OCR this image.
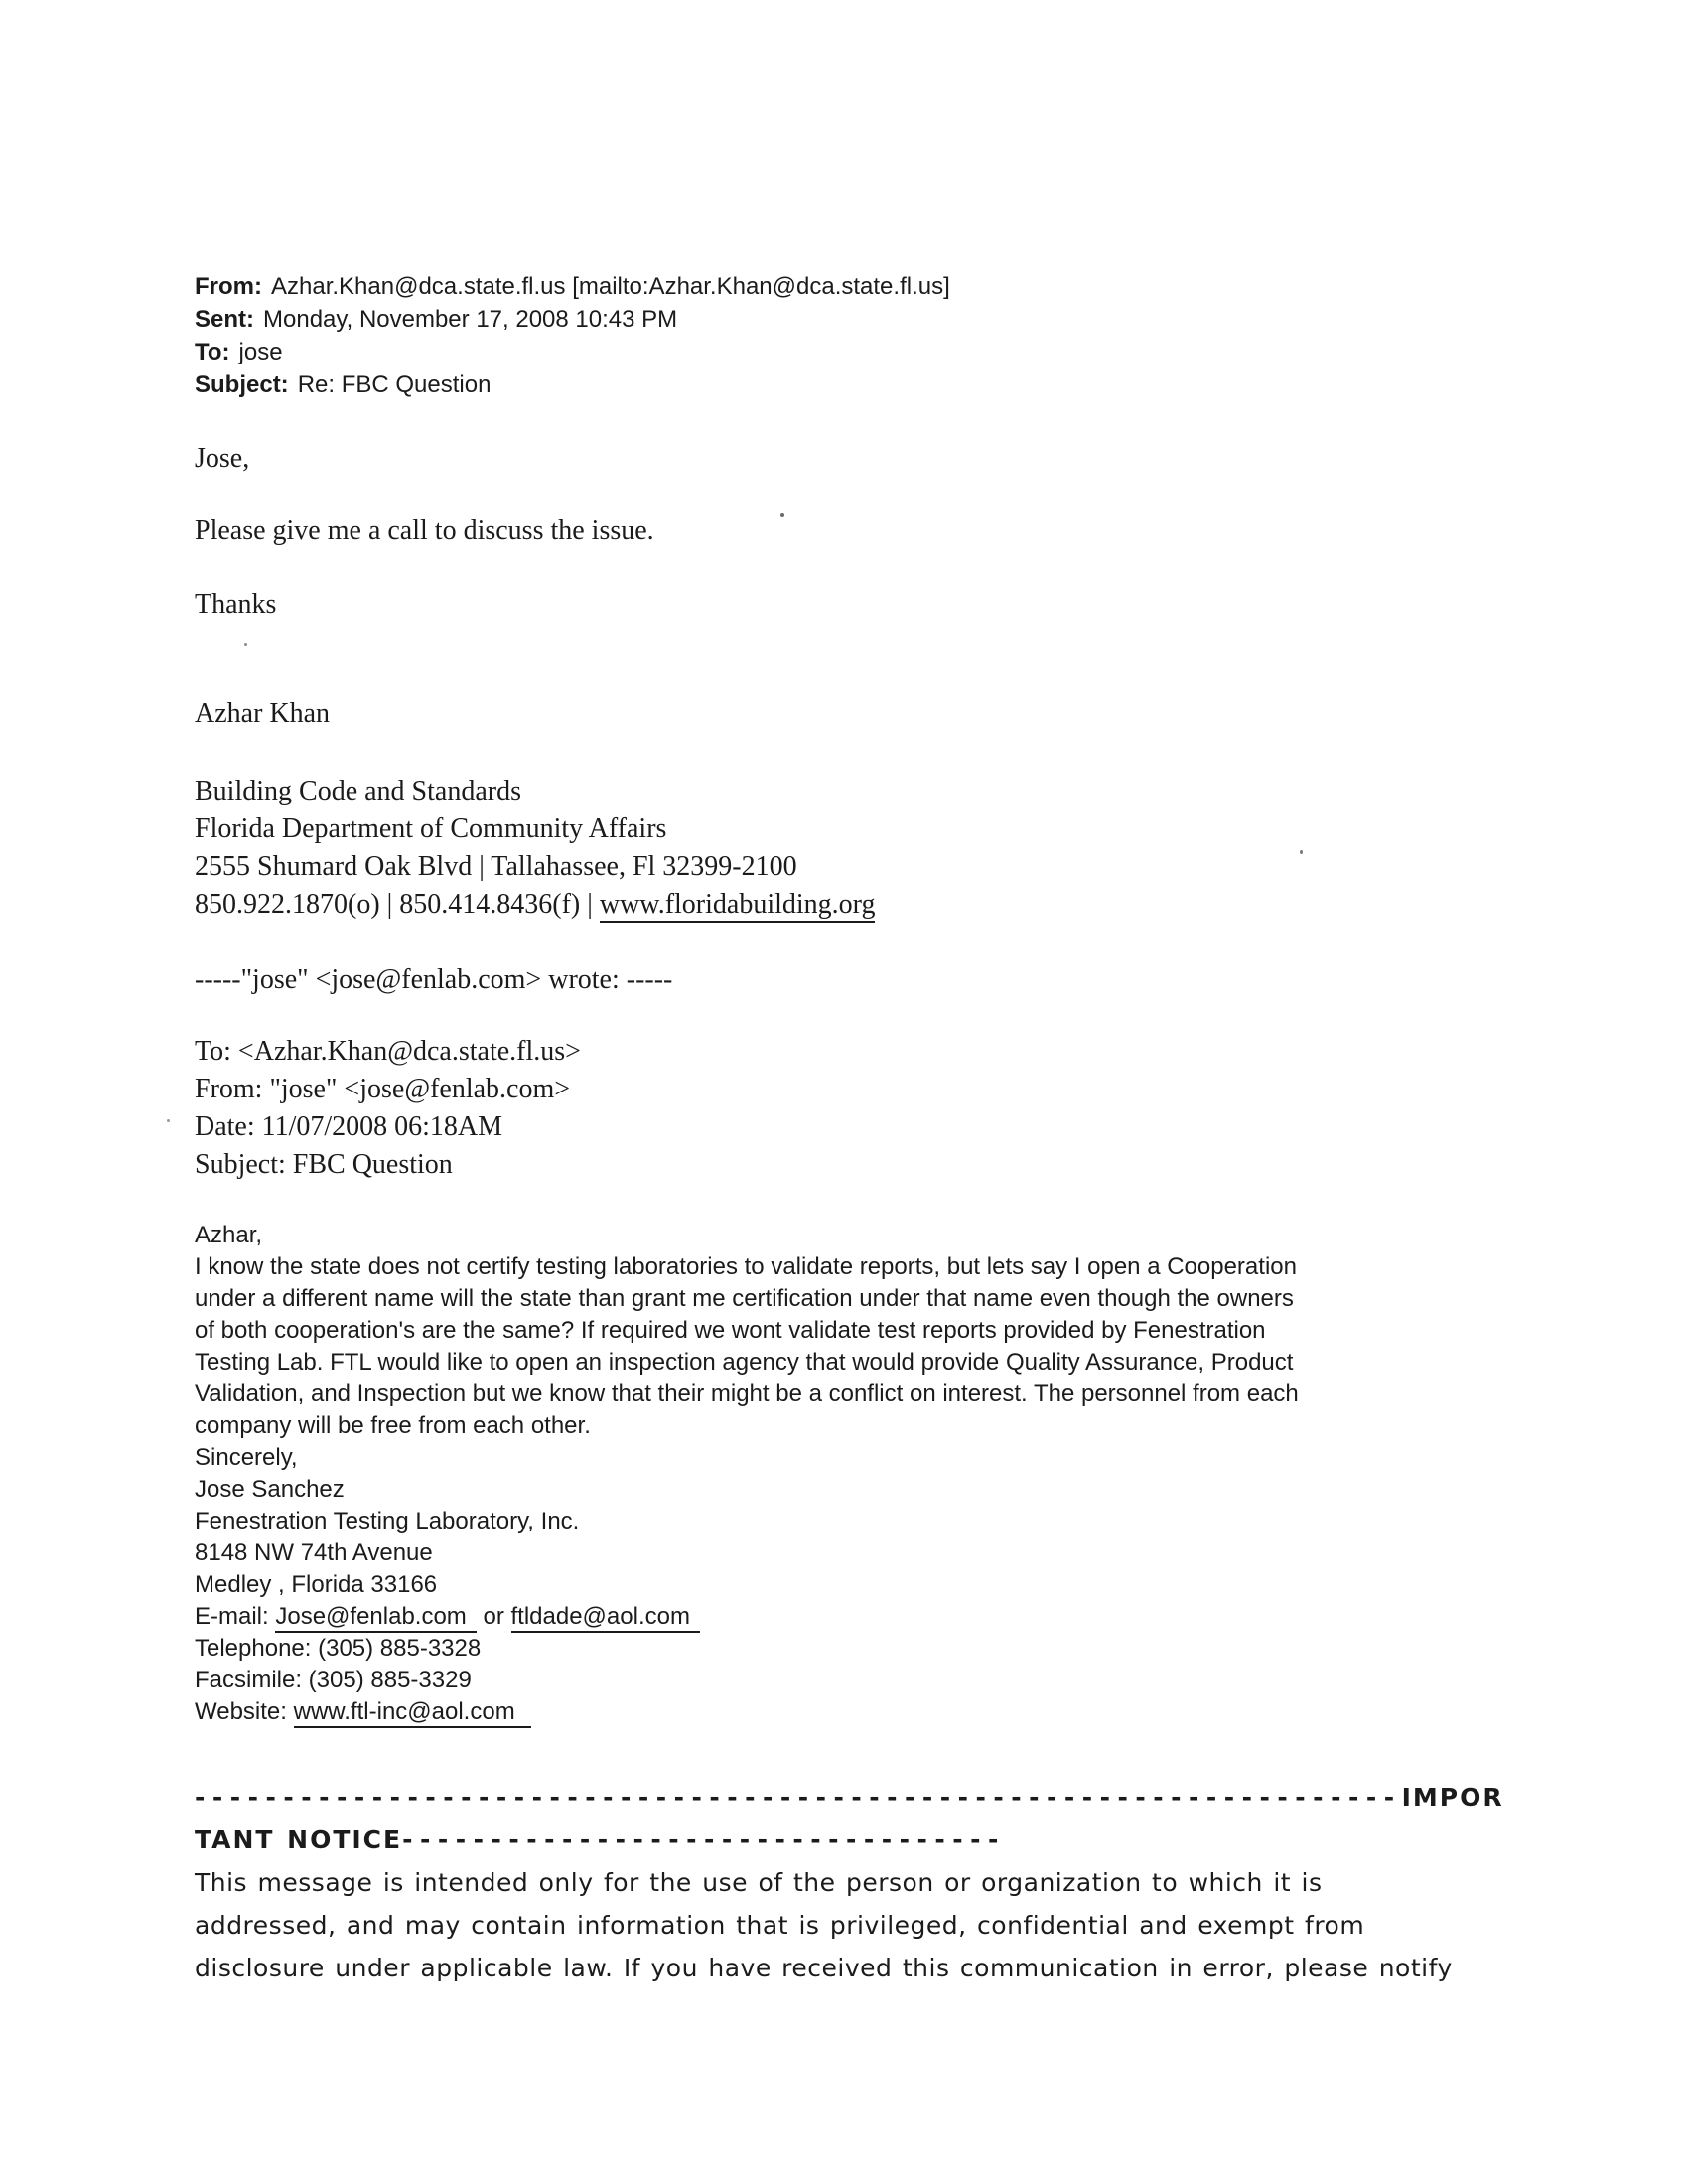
From: Azhar.Khan@dca.state.fl.us [mailto:Azhar.Khan@dca.state.fl.us]
Sent: Monday, November 17, 2008 10:43 PM
To: jose
Subject: Re: FBC Question
Jose,
Please give me a call to discuss the issue.
Thanks
Azhar Khan
Building Code and Standards
Florida Department of Community Affairs
2555 Shumard Oak Blvd | Tallahassee, Fl 32399-2100
850.922.1870(o) | 850.414.8436(f) | www.floridabuilding.org
-----"jose" <jose@fenlab.com> wrote: -----
To: <Azhar.Khan@dca.state.fl.us>
From: "jose" <jose@fenlab.com>
Date: 11/07/2008 06:18AM
Subject: FBC Question
Azhar,
I know the state does not certify testing laboratories to validate reports, but lets say I open a Cooperation
under a different name will the state than grant me certification under that name even though the owners
of both cooperation's are the same? If required we wont validate test reports provided by Fenestration
Testing Lab. FTL would like to open an inspection agency that would provide Quality Assurance, Product
Validation, and Inspection but we know that their might be a conflict on interest. The personnel from each
company will be free from each other.
Sincerely,
Jose Sanchez
Fenestration Testing Laboratory, Inc.
8148 NW 74th Avenue
Medley , Florida 33166
E-mail: Jose@fenlab.com or ftldade@aol.com
Telephone: (305) 885-3328
Facsimile: (305) 885-3329
Website: www.ftl-inc@aol.com
--------------------------------------------------------------------IMPOR
TANT NOTICE----------------------------------
This message is intended only for the use of the person or organization to which it is
addressed, and may contain information that is privileged, confidential and exempt from
disclosure under applicable law. If you have received this communication in error, please notify
